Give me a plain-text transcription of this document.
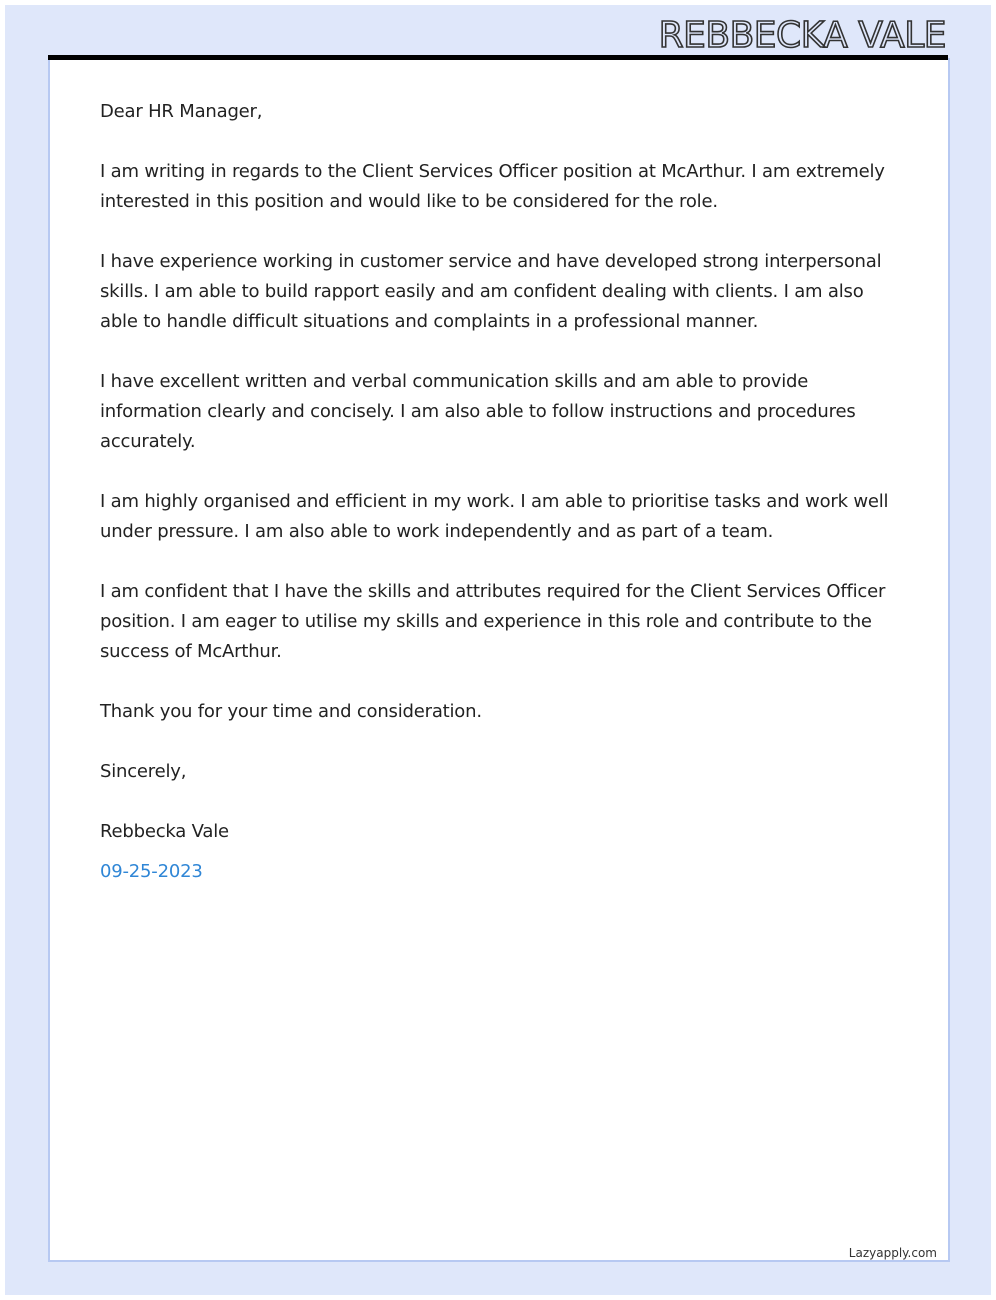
REBBECKA VALE

Dear HR Manager,

I am writing in regards to the Client Services Officer position at McArthur. I am extremely interested in this position and would like to be considered for the role.

I have experience working in customer service and have developed strong interpersonal skills. I am able to build rapport easily and am confident dealing with clients. I am also able to handle difficult situations and complaints in a professional manner.

I have excellent written and verbal communication skills and am able to provide information clearly and concisely. I am also able to follow instructions and procedures accurately.

I am highly organised and efficient in my work. I am able to prioritise tasks and work well under pressure. I am also able to work independently and as part of a team.

I am confident that I have the skills and attributes required for the Client Services Officer position. I am eager to utilise my skills and experience in this role and contribute to the success of McArthur.

Thank you for your time and consideration.

Sincerely,

Rebbecka Vale

09-25-2023

Lazyapply.com
